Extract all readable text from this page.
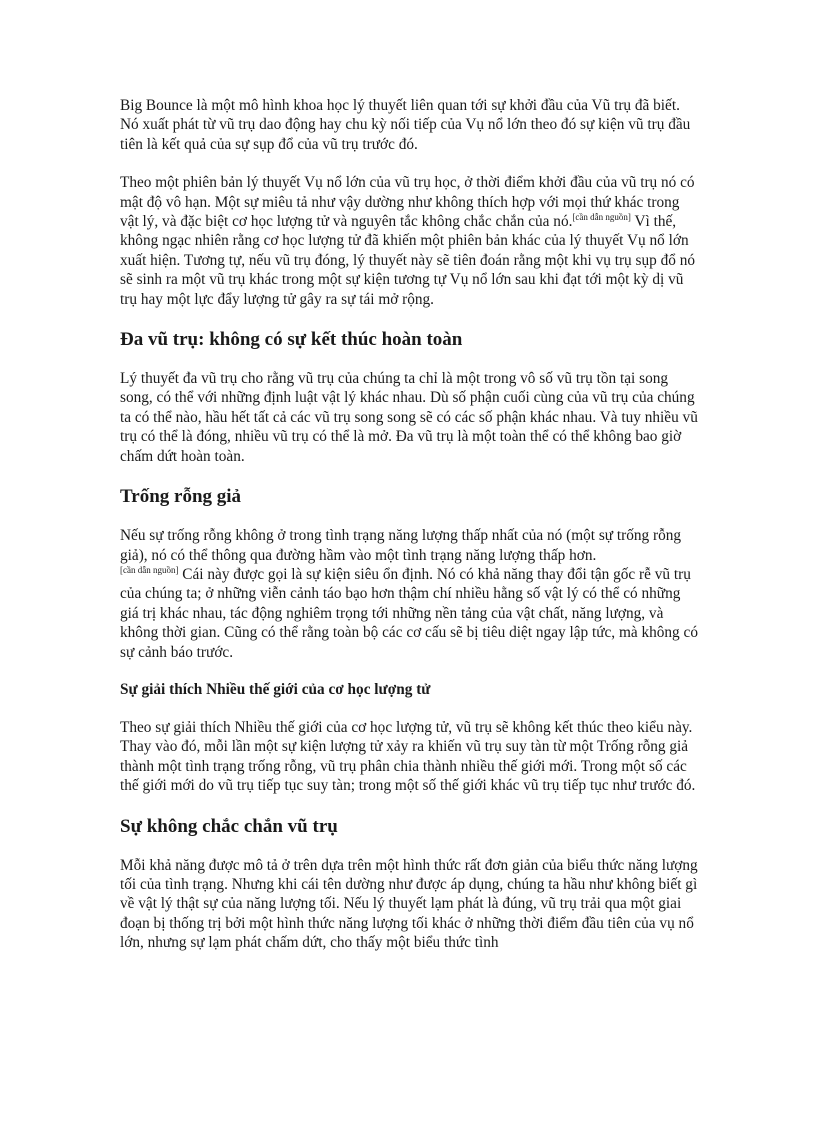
Big Bounce là một mô hình khoa học lý thuyết liên quan tới sự khởi đầu của Vũ trụ đã biết. Nó xuất phát từ vũ trụ dao động hay chu kỳ nối tiếp của Vụ nổ lớn theo đó sự kiện vũ trụ đầu tiên là kết quả của sự sụp đổ của vũ trụ trước đó.

Theo một phiên bản lý thuyết Vụ nổ lớn của vũ trụ học, ở thời điểm khởi đầu của vũ trụ nó có mật độ vô hạn. Một sự miêu tả như vậy dường như không thích hợp với mọi thứ khác trong vật lý, và đặc biệt cơ học lượng tử và nguyên tắc không chắc chắn của nó.[cần dẫn nguồn] Vì thế, không ngạc nhiên rằng cơ học lượng tử đã khiến một phiên bản khác của lý thuyết Vụ nổ lớn xuất hiện. Tương tự, nếu vũ trụ đóng, lý thuyết này sẽ tiên đoán rằng một khi vụ trụ sụp đổ nó sẽ sinh ra một vũ trụ khác trong một sự kiện tương tự Vụ nổ lớn sau khi đạt tới một kỳ dị vũ trụ hay một lực đẩy lượng tử gây ra sự tái mở rộng.

Đa vũ trụ: không có sự kết thúc hoàn toàn

Lý thuyết đa vũ trụ cho rằng vũ trụ của chúng ta chỉ là một trong vô số vũ trụ tồn tại song song, có thể với những định luật vật lý khác nhau. Dù số phận cuối cùng của vũ trụ của chúng ta có thể nào, hầu hết tất cả các vũ trụ song song sẽ có các số phận khác nhau. Và tuy nhiều vũ trụ có thể là đóng, nhiều vũ trụ có thể là mở. Đa vũ trụ là một toàn thể có thể không bao giờ chấm dứt hoàn toàn.

Trống rỗng giả

Nếu sự trống rỗng không ở trong tình trạng năng lượng thấp nhất của nó (một sự trống rỗng giả), nó có thể thông qua đường hầm vào một tình trạng năng lượng thấp hơn.
[cần dẫn nguồn] Cái này được gọi là sự kiện siêu ổn định. Nó có khả năng thay đổi tận gốc rễ vũ trụ của chúng ta; ở những viễn cảnh táo bạo hơn thậm chí nhiều hằng số vật lý có thể có những giá trị khác nhau, tác động nghiêm trọng tới những nền tảng của vật chất, năng lượng, và không thời gian. Cũng có thể rằng toàn bộ các cơ cấu sẽ bị tiêu diệt ngay lập tức, mà không có sự cảnh báo trước.

Sự giải thích Nhiều thế giới của cơ học lượng tử

Theo sự giải thích Nhiều thế giới của cơ học lượng tử, vũ trụ sẽ không kết thúc theo kiểu này. Thay vào đó, mỗi lần một sự kiện lượng tử xảy ra khiến vũ trụ suy tàn từ một Trống rỗng giả thành một tình trạng trống rỗng, vũ trụ phân chia thành nhiều thế giới mới. Trong một số các thế giới mới do vũ trụ tiếp tục suy tàn; trong một số thế giới khác vũ trụ tiếp tục như trước đó.

Sự không chắc chắn vũ trụ

Mỗi khả năng được mô tả ở trên dựa trên một hình thức rất đơn giản của biểu thức năng lượng tối của tình trạng. Nhưng khi cái tên dường như được áp dụng, chúng ta hầu như không biết gì về vật lý thật sự của năng lượng tối. Nếu lý thuyết lạm phát là đúng, vũ trụ trải qua một giai đoạn bị thống trị bởi một hình thức năng lượng tối khác ở những thời điểm đầu tiên của vụ nổ lớn, nhưng sự lạm phát chấm dứt, cho thấy một biểu thức tình
